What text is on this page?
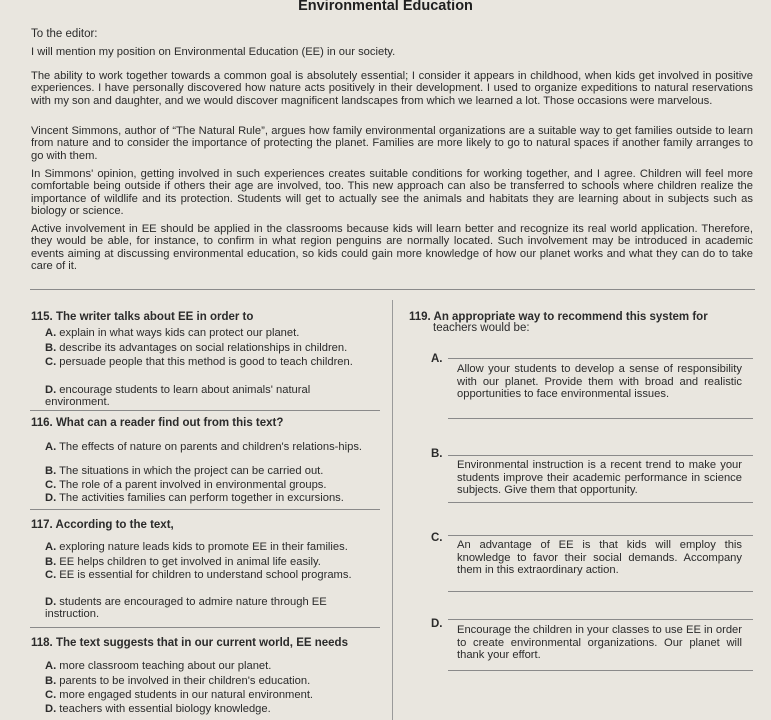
Environmental Education
To the editor:

I will mention my position on Environmental Education (EE) in our society.

The ability to work together towards a common goal is absolutely essential; I consider it appears in childhood, when kids get involved in positive experiences. I have personally discovered how nature acts positively in their development. I used to organize expeditions to natural reservations with my son and daughter, and we would discover magnificent landscapes from which we learned a lot. Those occasions were marvelous.

Vincent Simmons, author of “The Natural Rule”, argues how family environmental organizations are a suitable way to get families outside to learn from nature and to consider the importance of protecting the planet. Families are more likely to go to natural spaces if another family arranges to go with them.

In Simmons' opinion, getting involved in such experiences creates suitable conditions for working together, and I agree. Children will feel more comfortable being outside if others their age are involved, too. This new approach can also be transferred to schools where children realize the importance of wildlife and its protection. Students will get to actually see the animals and habitats they are learning about in subjects such as biology or science.

Active involvement in EE should be applied in the classrooms because kids will learn better and recognize its real world application. Therefore, they would be able, for instance, to confirm in what region penguins are normally located. Such involvement may be introduced in academic events aiming at discussing environmental education, so kids could gain more knowledge of how our planet works and what they can do to take care of it.

115. The writer talks about EE in order to

A. explain in what ways kids can protect our planet.

B. describe its advantages on social relationships in children.

C. persuade people that this method is good to teach children.

D. encourage students to learn about animals' natural environment.

116. What can a reader find out from this text?

A. The effects of nature on parents and children's relations-hips.

B. The situations in which the project can be carried out.

C. The role of a parent involved in environmental groups.

D. The activities families can perform together in excursions.

117. According to the text,

A. exploring nature leads kids to promote EE in their families.

B. EE helps children to get involved in animal life easily.

C. EE is essential for children to understand school programs.

D. students are encouraged to admire nature through EE instruction.

118. The text suggests that in our current world, EE needs

A. more classroom teaching about our planet.

B. parents to be involved in their children's education.

C. more engaged students in our natural environment.

D. teachers with essential biology knowledge.

119. An appropriate way to recommend this system for
teachers would be:
A.

Allow your students to develop a sense of responsibility with our planet. Provide them with broad and realistic opportunities to face environmental issues.

B.

Environmental instruction is a recent trend to make your students improve their academic performance in science subjects. Give them that opportunity.

C.

An advantage of EE is that kids will employ this knowledge to favor their social demands. Accompany them in this extraordinary action.

D. Encourage the children in your classes to use EE in order to create environmental organizations. Our planet will thank your effort.
